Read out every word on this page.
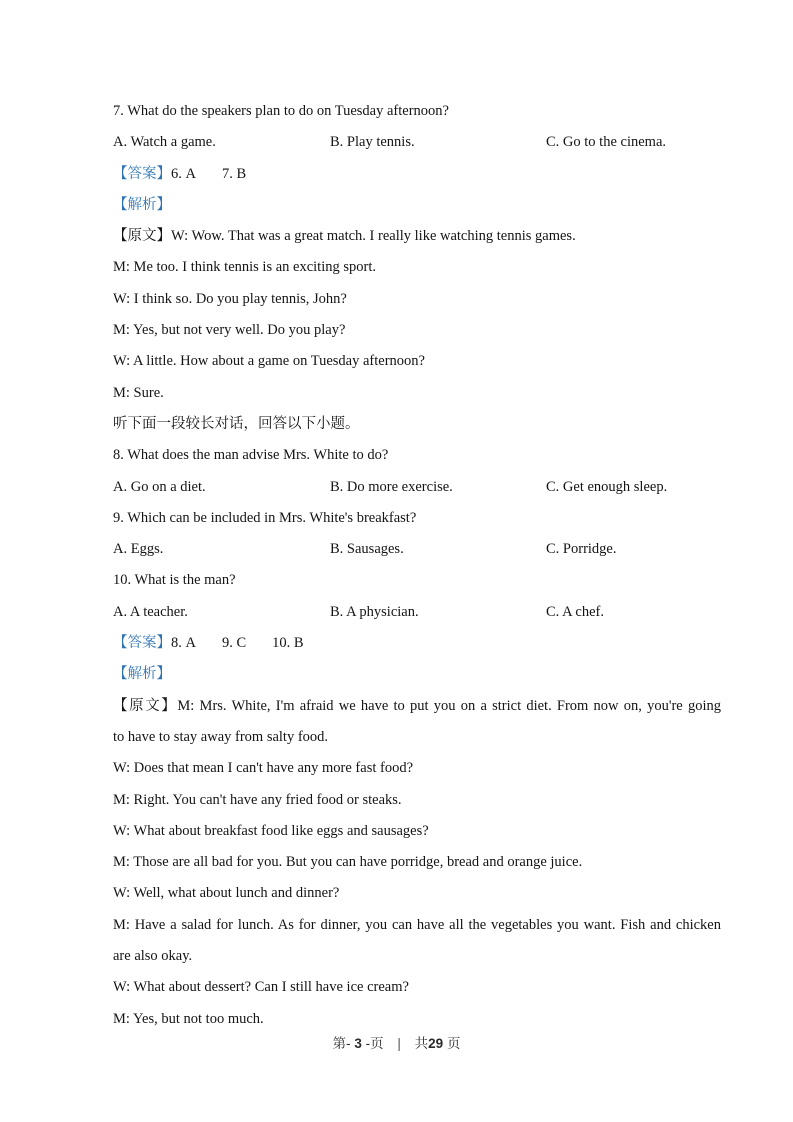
7. What do the speakers plan to do on Tuesday afternoon?
A. Watch a game.	B. Play tennis.	C. Go to the cinema.
【答案】6. A 7. B
【解析】
【原文】W: Wow. That was a great match. I really like watching tennis games.
M: Me too. I think tennis is an exciting sport.
W: I think so. Do you play tennis, John?
M: Yes, but not very well. Do you play?
W: A little. How about a game on Tuesday afternoon?
M: Sure.
听下面一段较长对话，回答以下小题。
8. What does the man advise Mrs. White to do?
A. Go on a diet.	B. Do more exercise.	C. Get enough sleep.
9. Which can be included in Mrs. White's breakfast?
A. Eggs.	B. Sausages.	C. Porridge.
10. What is the man?
A. A teacher.	B. A physician.	C. A chef.
【答案】8. A 9. C 10. B
【解析】
【原文】M: Mrs. White, I'm afraid we have to put you on a strict diet. From now on, you're going
to have to stay away from salty food.
W: Does that mean I can't have any more fast food?
M: Right. You can't have any fried food or steaks.
W: What about breakfast food like eggs and sausages?
M: Those are all bad for you. But you can have porridge, bread and orange juice.
W: Well, what about lunch and dinner?
M: Have a salad for lunch. As for dinner, you can have all the vegetables you want. Fish and chicken
are also okay.
W: What about dessert? Can I still have ice cream?
M: Yes, but not too much.
第- 3 -页 | 共29 页
